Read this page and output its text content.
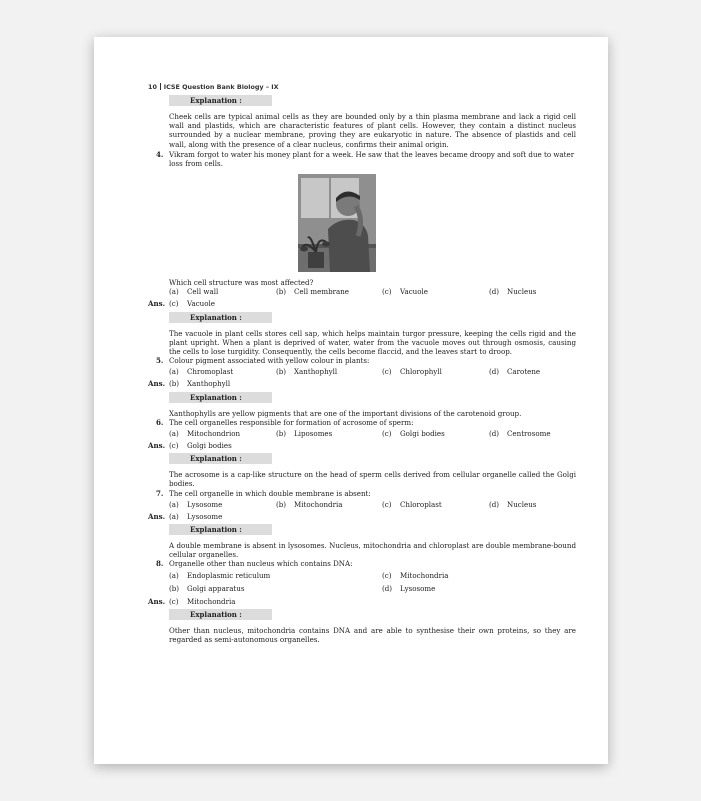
10 ICSE Question Bank Biology – IX
Explanation :
Cheek cells are typical animal cells as they are bounded only by a thin plasma membrane and lack a rigid cell wall and plastids, which are characteristic features of plant cells. However, they contain a distinct nucleus surrounded by a nuclear membrane, proving they are eukaryotic in nature. The absence of plastids and cell wall, along with the presence of a clear nucleus, confirms their animal origin.
4. Vikram forgot to water his money plant for a week. He saw that the leaves became droopy and soft due to water loss from cells.
Which cell structure was most affected?
(a) Cell wall	(b) Cell membrane	(c) Vacuole	(d) Nucleus
Ans. (c) Vacuole
Explanation :
The vacuole in plant cells stores cell sap, which helps maintain turgor pressure, keeping the cells rigid and the plant upright. When a plant is deprived of water, water from the vacuole moves out through osmosis, causing the cells to lose turgidity. Consequently, the cells become flaccid, and the leaves start to droop.
5. Colour pigment associated with yellow colour in plants:
(a) Chromoplast	(b) Xanthophyll	(c) Chlorophyll	(d) Carotene
Ans. (b) Xanthophyll
Explanation :
Xanthophylls are yellow pigments that are one of the important divisions of the carotenoid group.
6. The cell organelles responsible for formation of acrosome of sperm:
(a) Mitochondrion	(b) Liposomes	(c) Golgi bodies	(d) Centrosome
Ans. (c) Golgi bodies
Explanation :
The acrosome is a cap-like structure on the head of sperm cells derived from cellular organelle called the Golgi bodies.
7. The cell organelle in which double membrane is absent:
(a) Lysosome	(b) Mitochondria	(c) Chloroplast	(d) Nucleus
Ans. (a) Lysosome
Explanation :
A double membrane is absent in lysosomes. Nucleus, mitochondria and chloroplast are double membrane-bound cellular organelles.
8. Organelle other than nucleus which contains DNA:
(a) Endoplasmic reticulum	(c) Mitochondria
(b) Golgi apparatus	(d) Lysosome
Ans. (c) Mitochondria
Explanation :
Other than nucleus, mitochondria contains DNA and are able to synthesise their own proteins, so they are regarded as semi-autonomous organelles.
